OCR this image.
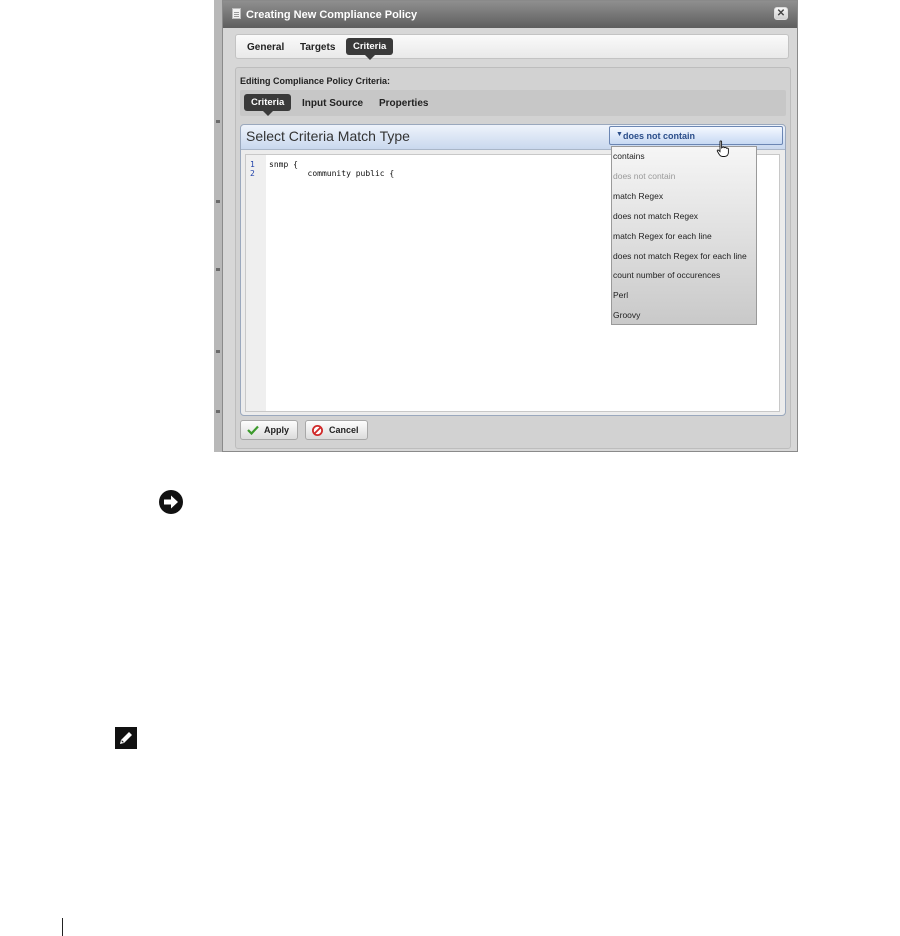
Creating New Compliance Policy	✕
General Targets	Criteria
Editing Compliance Policy Criteria:
Criteria	Input Source Properties
Select Criteria Match Type
1
2
snmp {
community public {
Apply	Cancel
▼ does not contain
contains
does not contain
match Regex
does not match Regex
match Regex for each line
does not match Regex for each line
count number of occurences
Perl
Groovy
